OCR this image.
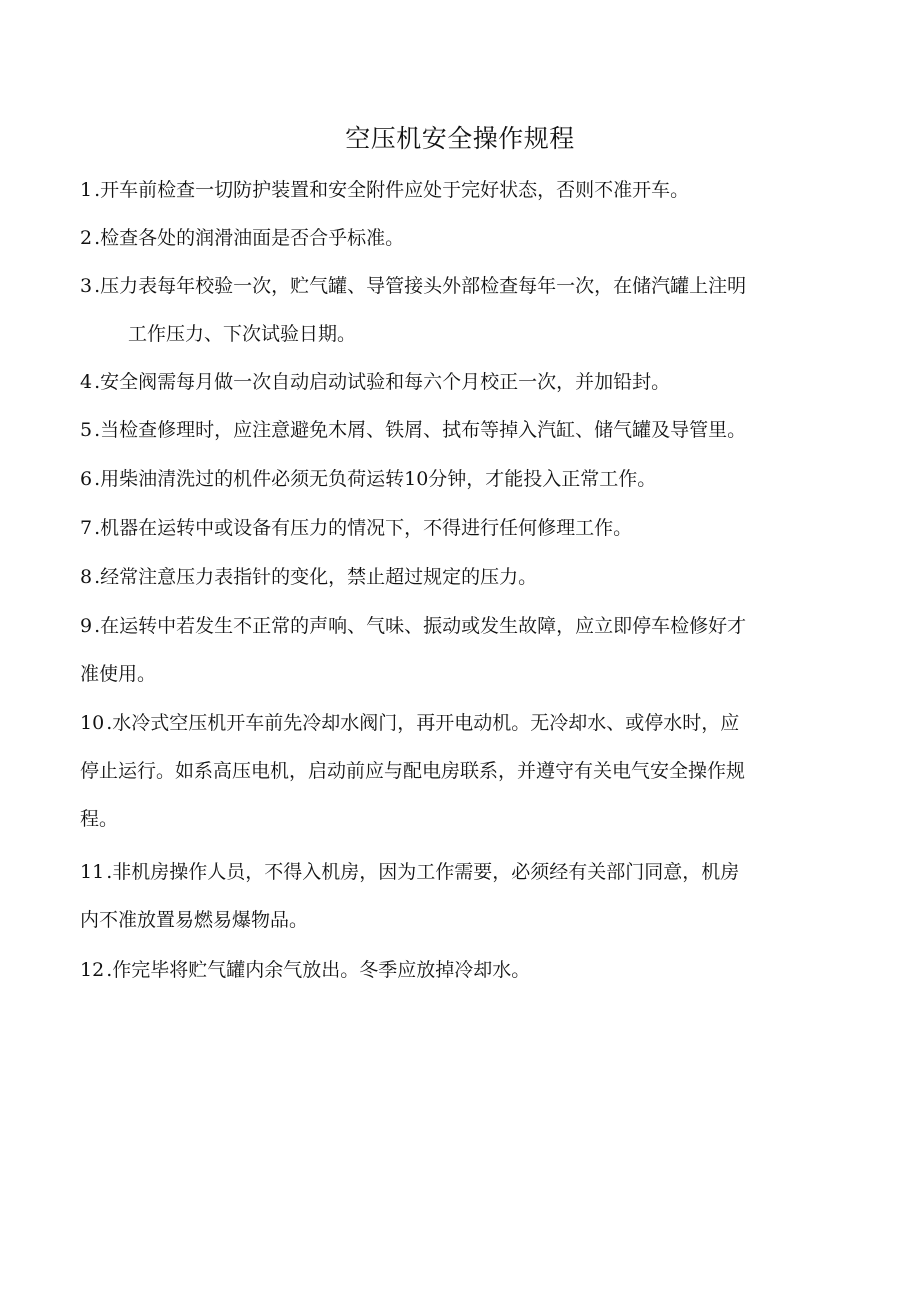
空压机安全操作规程
1 .开车前检查一切防护装置和安全附件应处于完好状态，否则不准开车。
2 .检查各处的润滑油面是否合乎标准。
3 .压力表每年校验一次，贮气罐、导管接头外部检查每年一次，在储汽罐上注明
工作压力、下次试验日期。
4 .安全阀需每月做一次自动启动试验和每六个月校正一次，并加铅封。
5 .当检查修理时，应注意避免木屑、铁屑、拭布等掉入汽缸、储气罐及导管里。
6 .用柴油清洗过的机件必须无负荷运转10分钟，才能投入正常工作。
7 .机器在运转中或设备有压力的情况下，不得进行任何修理工作。
8 .经常注意压力表指针的变化，禁止超过规定的压力。
9 .在运转中若发生不正常的声响、气味、振动或发生故障，应立即停车检修好才
准使用。
10 .水冷式空压机开车前先冷却水阀门，再开电动机。无冷却水、或停水时，应
停止运行。如系高压电机，启动前应与配电房联系，并遵守有关电气安全操作规
程。
11 .非机房操作人员，不得入机房，因为工作需要，必须经有关部门同意，机房
内不准放置易燃易爆物品。
12 .作完毕将贮气罐内余气放出。冬季应放掉冷却水。
